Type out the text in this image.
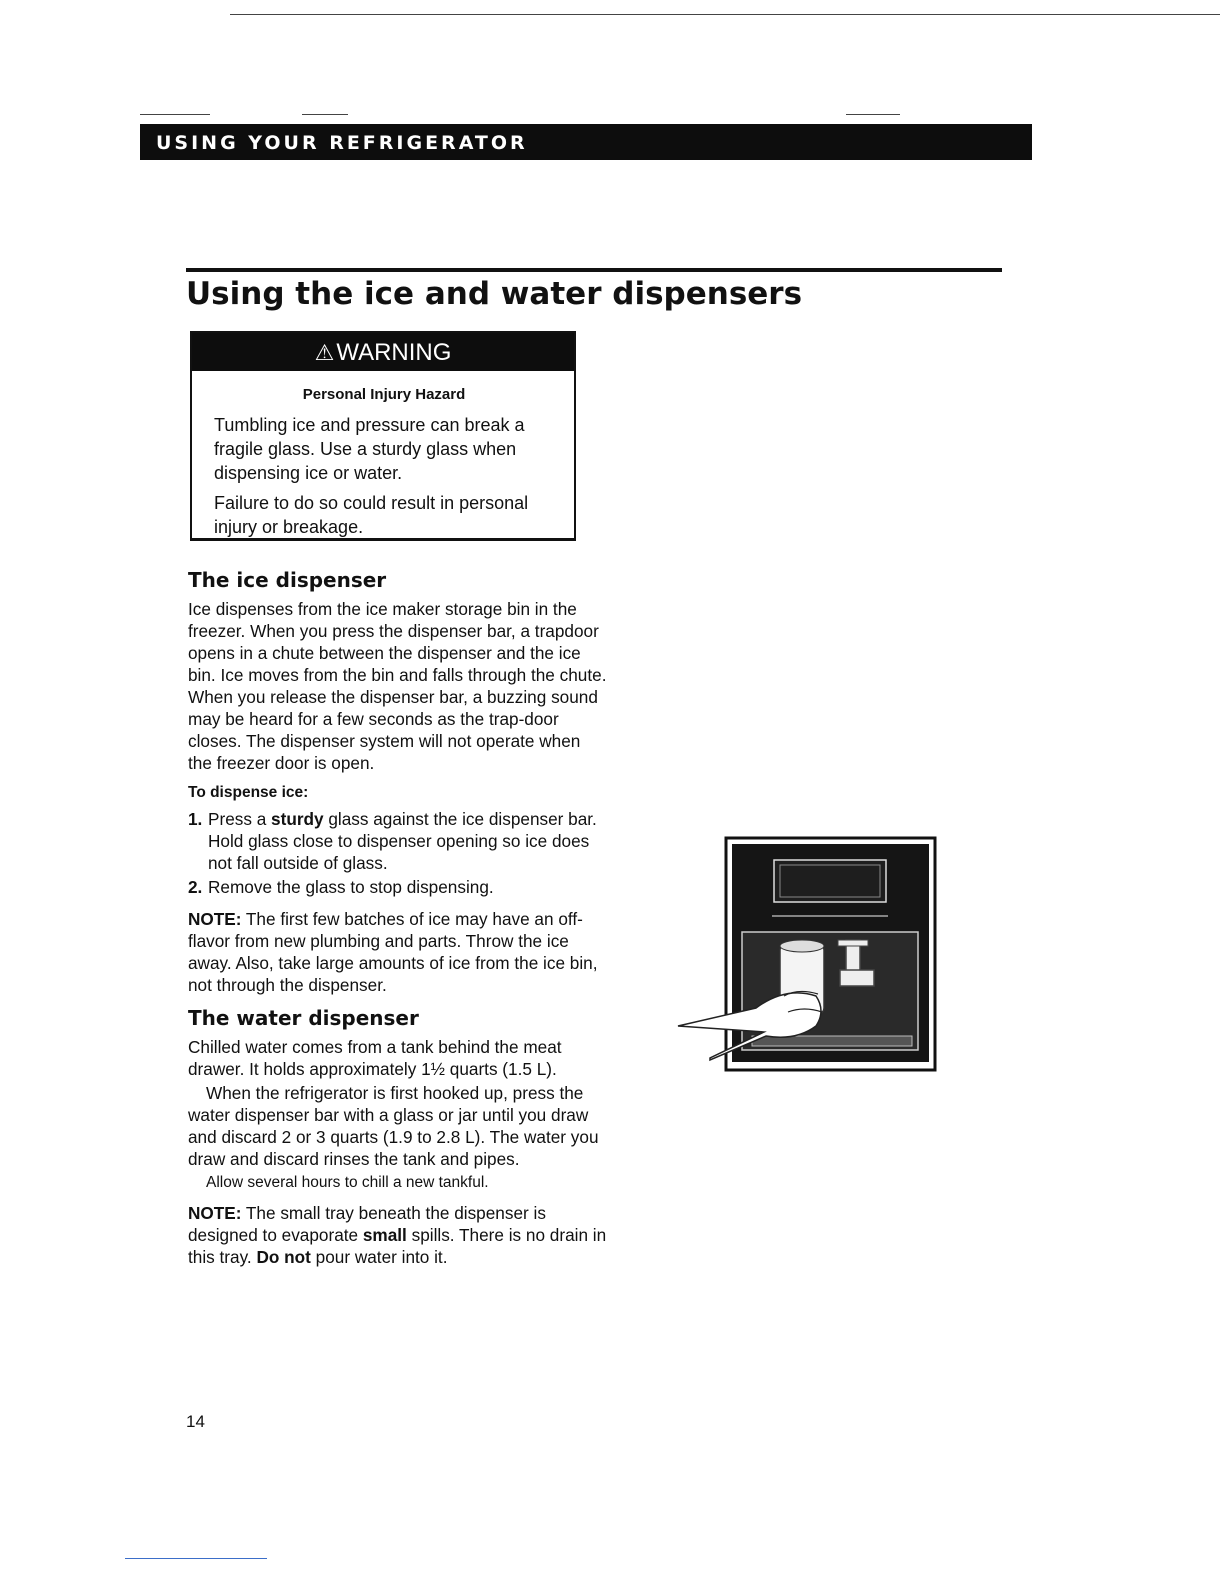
USING YOUR REFRIGERATOR
Using the ice and water dispensers
⚠WARNING
Personal Injury Hazard

Tumbling ice and pressure can break a fragile glass. Use a sturdy glass when dispensing ice or water.

Failure to do so could result in personal injury or breakage.

The ice dispenser

Ice dispenses from the ice maker storage bin in the freezer. When you press the dispenser bar, a trapdoor opens in a chute between the dispenser and the ice bin. Ice moves from the bin and falls through the chute. When you release the dispenser bar, a buzzing sound may be heard for a few seconds as the trap-door closes. The dispenser system will not operate when the freezer door is open.

To dispense ice:
1. Press a sturdy glass against the ice dispenser bar. Hold glass close to dispenser opening so ice does not fall outside of glass.
2. Remove the glass to stop dispensing.

NOTE: The first few batches of ice may have an off-flavor from new plumbing and parts. Throw the ice away. Also, take large amounts of ice from the ice bin, not through the dispenser.

The water dispenser

Chilled water comes from a tank behind the meat drawer. It holds approximately 1½ quarts (1.5 L).

When the refrigerator is first hooked up, press the water dispenser bar with a glass or jar until you draw and discard 2 or 3 quarts (1.9 to 2.8 L). The water you draw and discard rinses the tank and pipes.

Allow several hours to chill a new tankful.

NOTE: The small tray beneath the dispenser is designed to evaporate small spills. There is no drain in this tray. Do not pour water into it.

14
